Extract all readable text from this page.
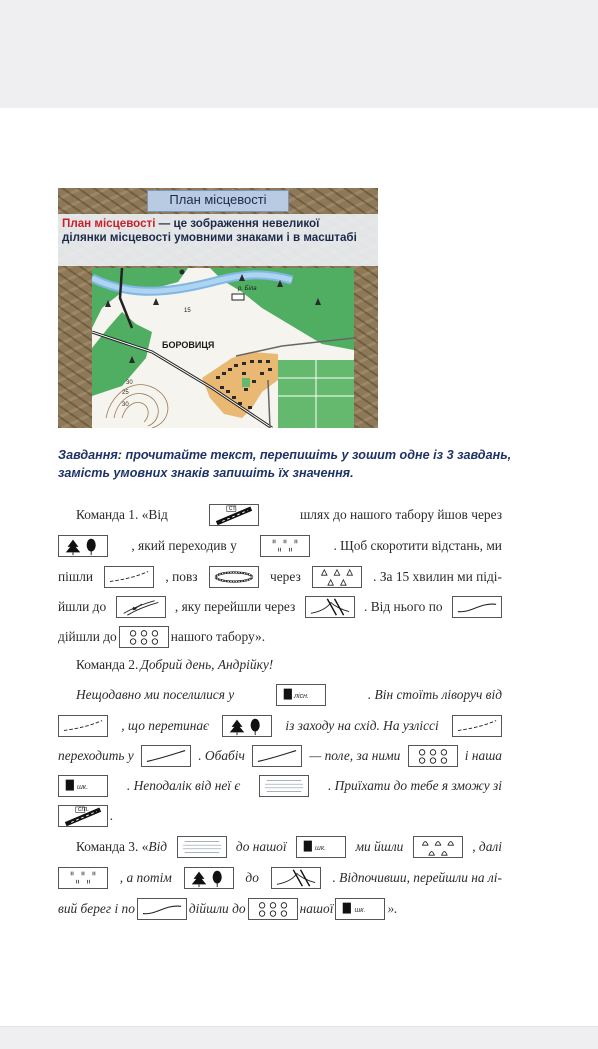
План місцевості
План місцевості — це зображення невеликої ділянки місцевості умовними знаками і в масштабі
р. Біла
15
БОРОВИЦЯ
30
25
30
Завдання: прочитайте текст, перепишіть у зошит одне із 3 завдань, замість умовних знаків запишіть їх значення.
Команда 1. «Від	ст.	шлях до нашого табору йшов через
, який переходив у	. Щоб скоротити відстань, ми
пішли	, повз	через	. За 15 хвилин ми піді-
йшли до	, яку перейшли через	. Від нього по
дійшли до	нашого табору».
Команда 2. Добрий день, Андрійку!
Нещодавно ми поселилися у	лісн.	. Він стоїть ліворуч від
, що перетинає	із заходу на схід. На узліссі
переходить у	. Обабіч	— поле, за ними	і наша
шк.	. Неподалік від неї є	. Приїхати до тебе я зможу зі
ст. .
Команда 3. «Від	до нашої	шк. ми йшли	, далі
, а потім	до	. Відпочивши, перейшли на лі-
вий берег і по	дійшли до	нашої	шк. ».
